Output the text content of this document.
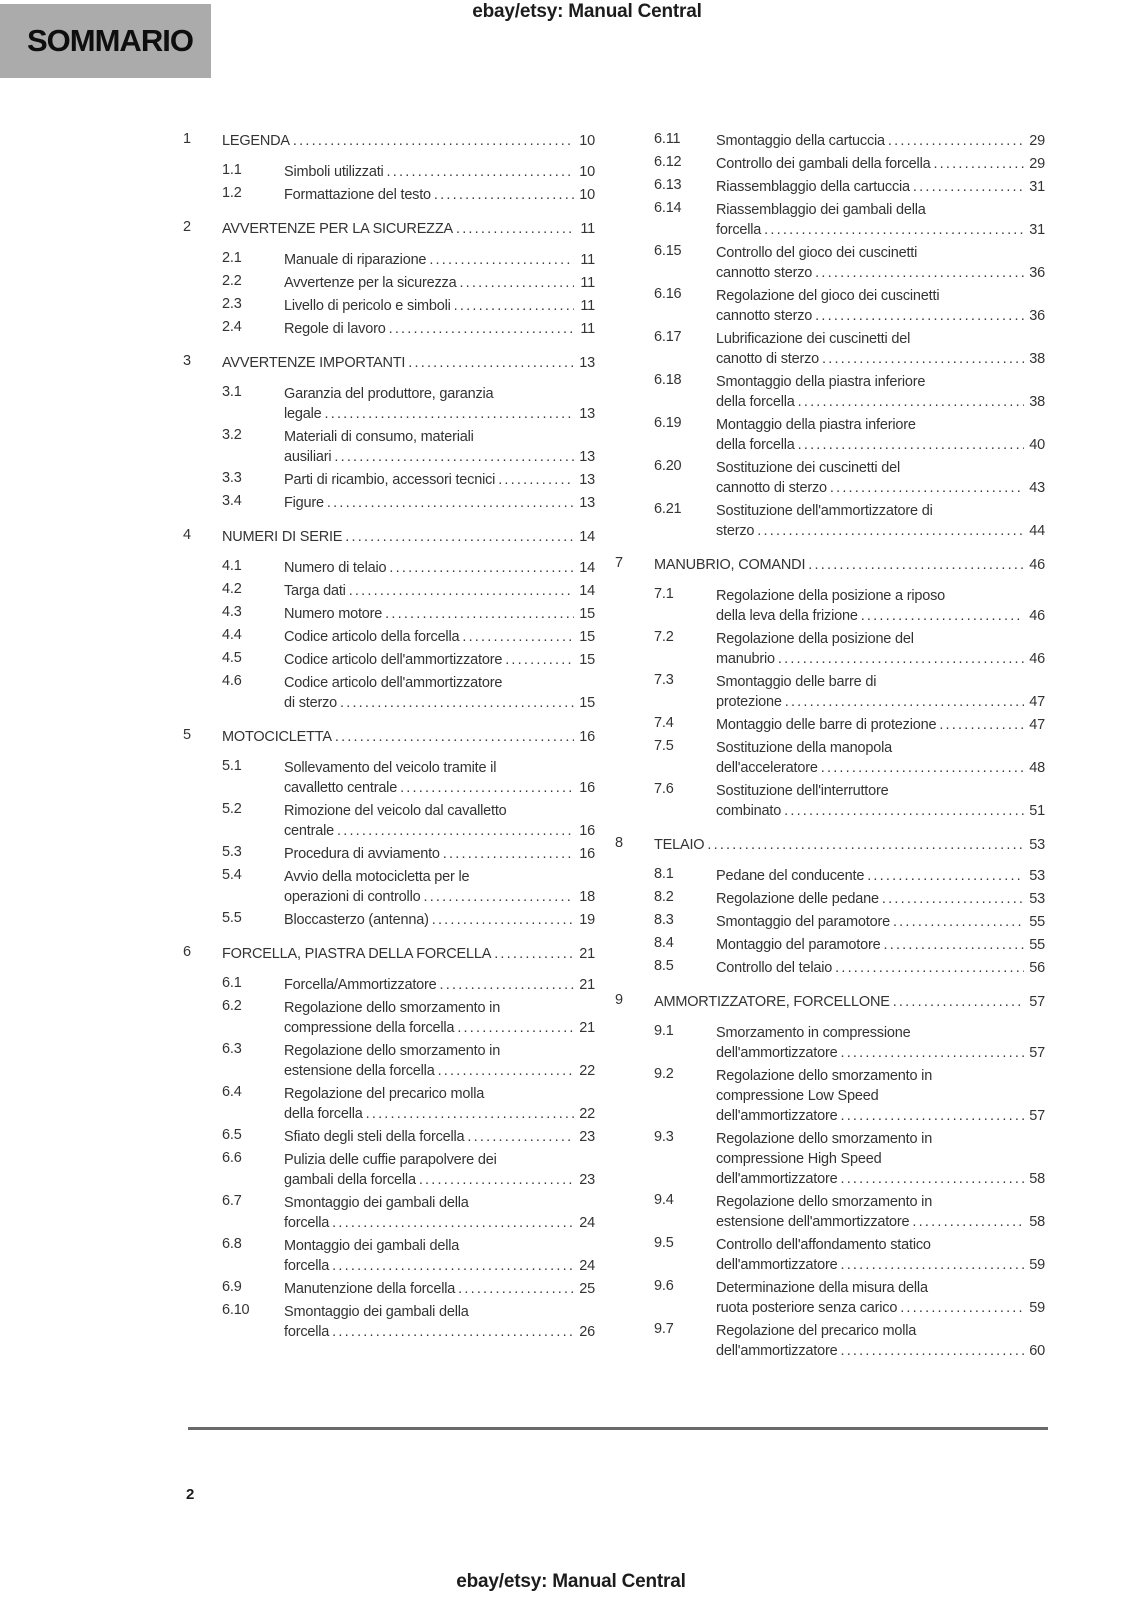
ebay/etsy: Manual Central
SOMMARIO
1	LEGENDA .....	10
1.1	Simboli utilizzati .....	10
1.2	Formattazione del testo .....	10
2	AVVERTENZE PER LA SICUREZZA .....	11
2.1	Manuale di riparazione .....	11
2.2	Avvertenze per la sicurezza .....	11
2.3	Livello di pericolo e simboli .....	11
2.4	Regole di lavoro .....	11
3	AVVERTENZE IMPORTANTI .....	13
3.1	Garanzia del produttore, garanzia
legale .....	13
3.2	Materiali di consumo, materiali
ausiliari .....	13
3.3	Parti di ricambio, accessori tecnici .....	13
3.4	Figure .....	13
4	NUMERI DI SERIE .....	14
4.1	Numero di telaio .....	14
4.2	Targa dati .....	14
4.3	Numero motore .....	15
4.4	Codice articolo della forcella .....	15
4.5	Codice articolo dell'ammortizzatore .....	15
4.6	Codice articolo dell'ammortizzatore
di sterzo .....	15
5	MOTOCICLETTA .....	16
5.1	Sollevamento del veicolo tramite il
cavalletto centrale .....	16
5.2	Rimozione del veicolo dal cavalletto
centrale .....	16
5.3	Procedura di avviamento .....	16
5.4	Avvio della motocicletta per le
operazioni di controllo .....	18
5.5	Bloccasterzo (antenna) .....	19
6	FORCELLA, PIASTRA DELLA FORCELLA .....	21
6.1	Forcella/Ammortizzatore .....	21
6.2	Regolazione dello smorzamento in
compressione della forcella .....	21
6.3	Regolazione dello smorzamento in
estensione della forcella .....	22
6.4	Regolazione del precarico molla
della forcella .....	22
6.5	Sfiato degli steli della forcella .....	23
6.6	Pulizia delle cuffie parapolvere dei
gambali della forcella .....	23
6.7	Smontaggio dei gambali della
forcella .....	24
6.8	Montaggio dei gambali della
forcella .....	24
6.9	Manutenzione della forcella .....	25
6.10	Smontaggio dei gambali della
forcella .....	26
6.11	Smontaggio della cartuccia .....	29
6.12	Controllo dei gambali della forcella .....	29
6.13	Riassemblaggio della cartuccia .....	31
6.14	Riassemblaggio dei gambali della
forcella .....	31
6.15	Controllo del gioco dei cuscinetti
cannotto sterzo .....	36
6.16	Regolazione del gioco dei cuscinetti
cannotto sterzo .....	36
6.17	Lubrificazione dei cuscinetti del
canotto di sterzo .....	38
6.18	Smontaggio della piastra inferiore
della forcella .....	38
6.19	Montaggio della piastra inferiore
della forcella .....	40
6.20	Sostituzione dei cuscinetti del
cannotto di sterzo .....	43
6.21	Sostituzione dell'ammortizzatore di
sterzo .....	44
7	MANUBRIO, COMANDI .....	46
7.1	Regolazione della posizione a riposo
della leva della frizione .....	46
7.2	Regolazione della posizione del
manubrio .....	46
7.3	Smontaggio delle barre di
protezione .....	47
7.4	Montaggio delle barre di protezione .....	47
7.5	Sostituzione della manopola
dell'acceleratore .....	48
7.6	Sostituzione dell'interruttore
combinato .....	51
8	TELAIO .....	53
8.1	Pedane del conducente .....	53
8.2	Regolazione delle pedane .....	53
8.3	Smontaggio del paramotore .....	55
8.4	Montaggio del paramotore .....	55
8.5	Controllo del telaio .....	56
9	AMMORTIZZATORE, FORCELLONE .....	57
9.1	Smorzamento in compressione
dell'ammortizzatore .....	57
9.2	Regolazione dello smorzamento in
compressione Low Speed
dell'ammortizzatore .....	57
9.3	Regolazione dello smorzamento in
compressione High Speed
dell'ammortizzatore .....	58
9.4	Regolazione dello smorzamento in
estensione dell'ammortizzatore .....	58
9.5	Controllo dell'affondamento statico
dell'ammortizzatore .....	59
9.6	Determinazione della misura della
ruota posteriore senza carico .....	59
9.7	Regolazione del precarico molla
dell'ammortizzatore .....	60
2
ebay/etsy: Manual Central
